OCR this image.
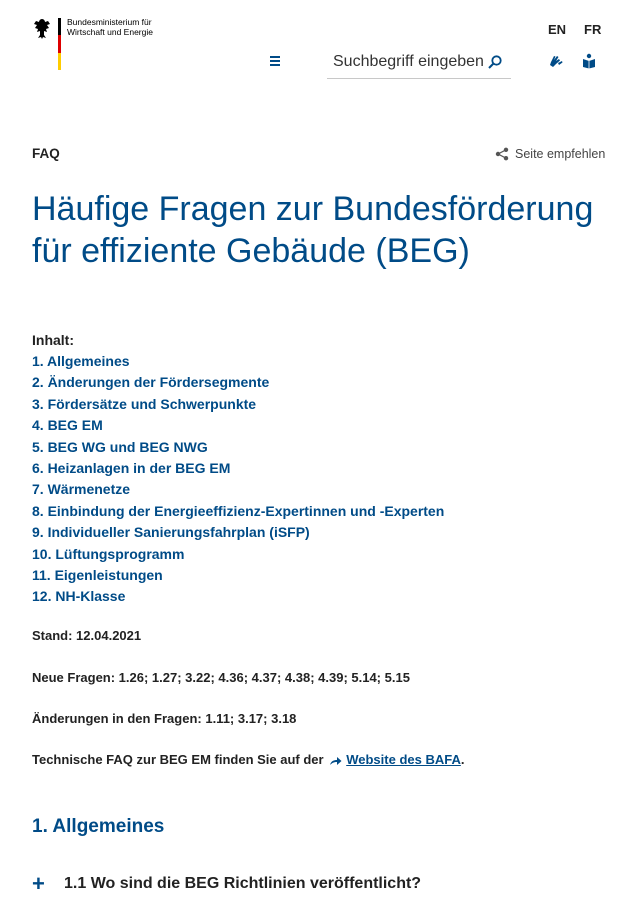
Bundesministerium für Wirtschaft und Energie	EN FR
Suchbegriff eingeben
FAQ	Seite empfehlen
Häufige Fragen zur Bundesförderung für effiziente Gebäude (BEG)
Inhalt:
1. Allgemeines
2. Änderungen der Fördersegmente
3. Fördersätze und Schwerpunkte
4. BEG EM
5. BEG WG und BEG NWG
6. Heizanlagen in der BEG EM
7. Wärmenetze
8. Einbindung der Energieeffizienz-Expertinnen und -Experten
9. Individueller Sanierungsfahrplan (iSFP)
10. Lüftungsprogramm
11. Eigenleistungen
12. NH-Klasse
Stand: 12.04.2021
Neue Fragen: 1.26; 1.27; 3.22; 4.36; 4.37; 4.38; 4.39; 5.14; 5.15
Änderungen in den Fragen: 1.11; 3.17; 3.18
Technische FAQ zur BEG EM finden Sie auf der Website des BAFA.
1. Allgemeines
+	1.1 Wo sind die BEG Richtlinien veröffentlicht?
